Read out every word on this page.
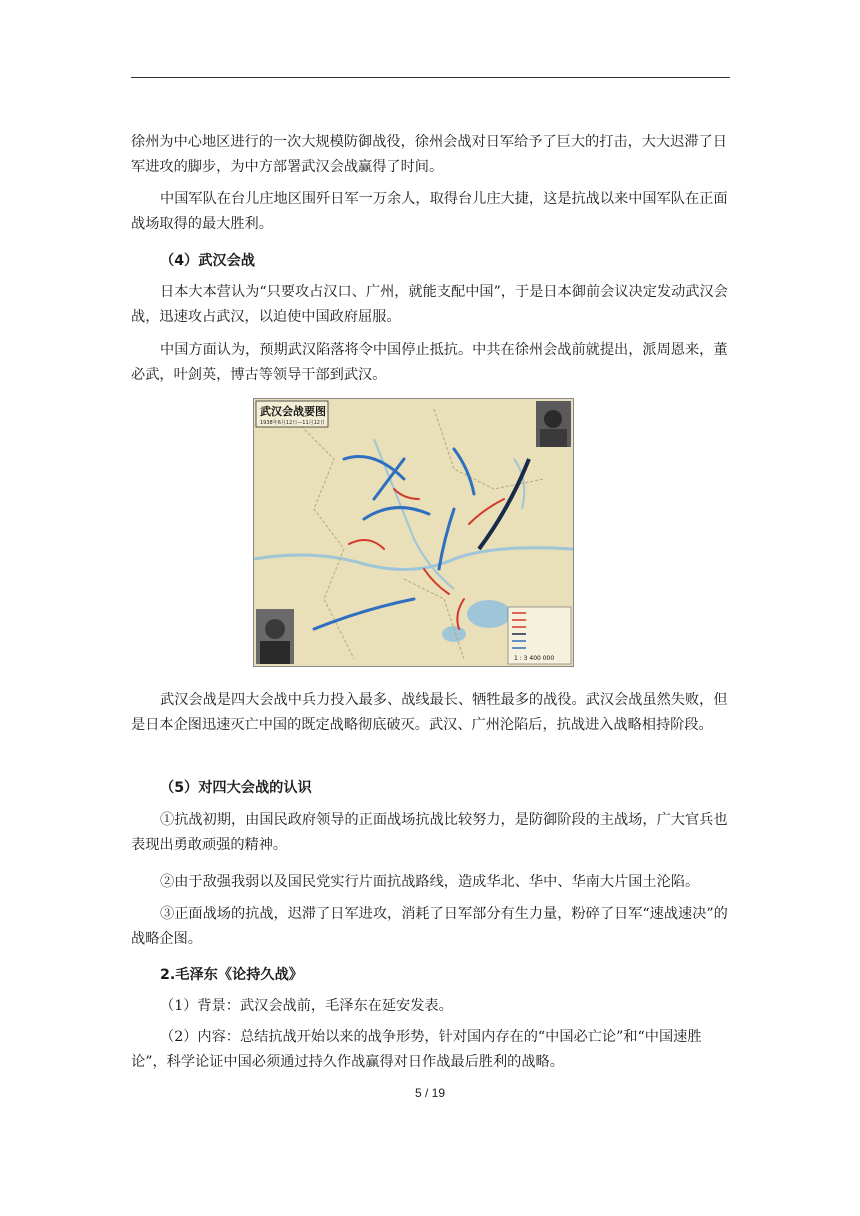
徐州为中心地区进行的一次大规模防御战役，徐州会战对日军给予了巨大的打击，大大迟滞了日军进攻的脚步，为中方部署武汉会战赢得了时间。

中国军队在台儿庄地区围歼日军一万余人，取得台儿庄大捷，这是抗战以来中国军队在正面战场取得的最大胜利。

（4）武汉会战

日本大本营认为“只要攻占汉口、广州，就能支配中国”，于是日本御前会议决定发动武汉会战，迅速攻占武汉，以迫使中国政府屈服。

中国方面认为，预期武汉陷落将令中国停止抵抗。中共在徐州会战前就提出，派周恩来，董必武，叶剑英，博古等领导干部到武汉。

武汉会战要图
1938年6月12日—11月12日
1 : 3 400 000

武汉会战是四大会战中兵力投入最多、战线最长、牺牲最多的战役。武汉会战虽然失败，但是日本企图迅速灭亡中国的既定战略彻底破灭。武汉、广州沦陷后，抗战进入战略相持阶段。

（5）对四大会战的认识

①抗战初期，由国民政府领导的正面战场抗战比较努力，是防御阶段的主战场，广大官兵也表现出勇敢顽强的精神。

②由于敌强我弱以及国民党实行片面抗战路线，造成华北、华中、华南大片国土沦陷。

③正面战场的抗战，迟滞了日军进攻，消耗了日军部分有生力量，粉碎了日军“速战速决”的战略企图。

2.毛泽东《论持久战》

（1）背景：武汉会战前，毛泽东在延安发表。

（2）内容：总结抗战开始以来的战争形势，针对国内存在的“中国必亡论”和“中国速胜论”，科学论证中国必须通过持久作战赢得对日作战最后胜利的战略。

5 / 19
